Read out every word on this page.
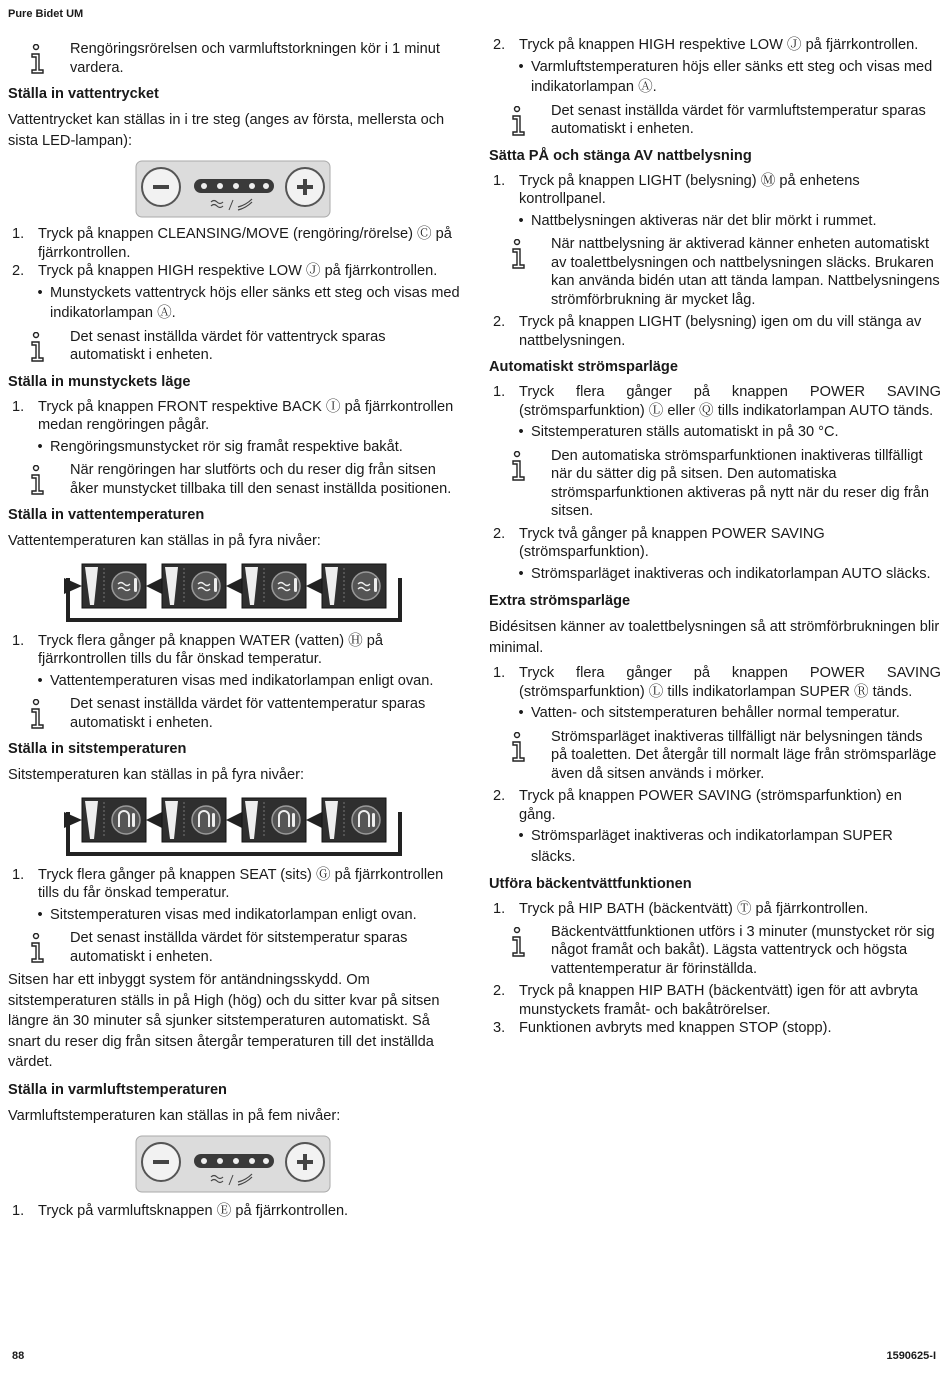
Pure Bidet UM
Rengöringsrörelsen och varmluftstorkningen kör i 1 minut vardera.
Ställa in vattentrycket

Vattentrycket kan ställas in i tre steg (anges av första, mellersta och sista LED-lampan):

1. Tryck på knappen CLEANSING/MOVE (rengöring/rörelse) Ⓒ på fjärrkontrollen.
2. Tryck på knappen HIGH respektive LOW Ⓙ på fjärrkontrollen.
• Munstyckets vattentryck höjs eller sänks ett steg och visas med indikatorlampan Ⓐ.
Det senast inställda värdet för vattentryck sparas automatiskt i enheten.
Ställa in munstyckets läge
1. Tryck på knappen FRONT respektive BACK Ⓘ på fjärrkontrollen medan rengöringen pågår.
• Rengöringsmunstycket rör sig framåt respektive bakåt.
När rengöringen har slutförts och du reser dig från sitsen åker munstycket tillbaka till den senast inställda positionen.
Ställa in vattentemperaturen

Vattentemperaturen kan ställas in på fyra nivåer:

1. Tryck flera gånger på knappen WATER (vatten) Ⓗ på fjärrkontrollen tills du får önskad temperatur.
• Vattentemperaturen visas med indikatorlampan enligt ovan.
Det senast inställda värdet för vattentemperatur sparas automatiskt i enheten.
Ställa in sitstemperaturen

Sitstemperaturen kan ställas in på fyra nivåer:

1. Tryck flera gånger på knappen SEAT (sits) Ⓖ på fjärrkontrollen tills du får önskad temperatur.
• Sitstemperaturen visas med indikatorlampan enligt ovan.
Det senast inställda värdet för sitstemperatur sparas automatiskt i enheten.

Sitsen har ett inbyggt system för antändningsskydd. Om sitstemperaturen ställs in på High (hög) och du sitter kvar på sitsen längre än 30 minuter så sjunker sitstemperaturen automatiskt. Så snart du reser dig från sitsen återgår temperaturen till det inställda värdet.

Ställa in varmluftstemperaturen

Varmluftstemperaturen kan ställas in på fem nivåer:

1. Tryck på varmluftsknappen Ⓔ på fjärrkontrollen.
2. Tryck på knappen HIGH respektive LOW Ⓙ på fjärrkontrollen.
• Varmluftstemperaturen höjs eller sänks ett steg och visas med indikatorlampan Ⓐ.
Det senast inställda värdet för varmluftstemperatur sparas automatiskt i enheten.
Sätta PÅ och stänga AV nattbelysning
1. Tryck på knappen LIGHT (belysning) Ⓜ på enhetens kontrollpanel.
• Nattbelysningen aktiveras när det blir mörkt i rummet.
När nattbelysning är aktiverad känner enheten automatiskt av toalettbelysningen och nattbelysningen släcks. Brukaren kan använda bidén utan att tända lampan. Nattbelysningens strömförbrukning är mycket låg.
2. Tryck på knappen LIGHT (belysning) igen om du vill stänga av nattbelysningen.
Automatiskt strömsparläge
1. Tryck flera gånger på knappen POWER SAVING (strömsparfunktion) Ⓛ eller Ⓠ tills indikatorlampan AUTO tänds.
• Sitstemperaturen ställs automatiskt in på 30 °C.
Den automatiska strömsparfunktionen inaktiveras tillfälligt när du sätter dig på sitsen. Den automatiska strömsparfunktionen aktiveras på nytt när du reser dig från sitsen.
2. Tryck två gånger på knappen POWER SAVING (strömsparfunktion).
• Strömsparläget inaktiveras och indikatorlampan AUTO släcks.
Extra strömsparläge

Bidésitsen känner av toalettbelysningen så att strömförbrukningen blir minimal.

1. Tryck flera gånger på knappen POWER SAVING (strömsparfunktion) Ⓛ tills indikatorlampan SUPER Ⓡ tänds.
• Vatten- och sitstemperaturen behåller normal temperatur.
Strömsparläget inaktiveras tillfälligt när belysningen tänds på toaletten. Det återgår till normalt läge från strömsparläge även då sitsen används i mörker.
2. Tryck på knappen POWER SAVING (strömsparfunktion) en gång.
• Strömsparläget inaktiveras och indikatorlampan SUPER släcks.
Utföra bäckentvättfunktionen
1. Tryck på HIP BATH (bäckentvätt) Ⓣ på fjärrkontrollen.
Bäckentvättfunktionen utförs i 3 minuter (munstycket rör sig något framåt och bakåt). Lägsta vattentryck och högsta vattentemperatur är förinställda.
2. Tryck på knappen HIP BATH (bäckentvätt) igen för att avbryta munstyckets framåt- och bakåtrörelser.
3. Funktionen avbryts med knappen STOP (stopp).
88	1590625-I
